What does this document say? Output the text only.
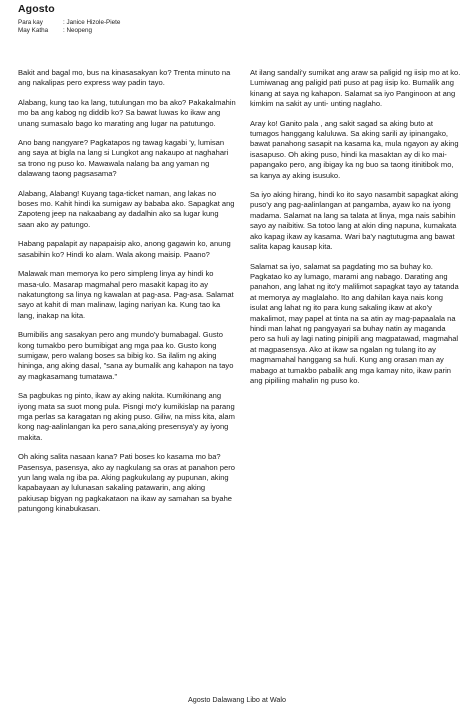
Agosto
Para kay	: Janice Hizole-Piete
May Katha	: Neopeng

Bakit and bagal mo, bus na kinasasakyan ko? Trenta minuto na ang nakalipas pero express way padin tayo.

Alabang, kung tao ka lang, tutulungan mo ba ako? Pakakalmahin mo ba ang kabog ng diddib ko? Sa bawat luwas ko ikaw ang unang sumasalo bago ko marating ang lugar na patutungo.

Ano bang nangyare? Pagkatapos ng tawag kagabi 'y, lumisan ang saya at bigla na lang si Lungkot ang nakaupo at naghahari sa trono ng puso ko. Mawawala nalang ba ang yaman ng dalawang taong pagsasama?

Alabang, Alabang! Kuyang taga-ticket naman, ang lakas no boses mo. Kahit hindi ka sumigaw ay bababa ako. Sapagkat ang Zapoteng jeep na nakaabang ay dadalhin ako sa lugar kung saan ako ay patungo.

Habang papalapit ay napapaisip ako, anong gagawin ko, anung sasabihin ko? Hindi ko alam. Wala akong maisip. Paano?

Malawak man memorya ko pero simpleng linya ay hindi ko masa-ulo. Masarap magmahal pero masakit kapag ito ay nakatungtong sa linya ng kawalan at pag-asa. Pag-asa. Salamat sayo at kahit di man malinaw, laging nariyan ka. Kung tao ka lang, inakap na kita.

Bumibilis ang sasakyan pero ang mundo'y bumabagal. Gusto kong tumakbo pero bumibigat ang mga paa ko. Gusto kong sumigaw, pero walang boses sa bibig ko. Sa ilalim ng aking hininga, ang aking dasal, "sana ay bumalik ang kahapon na tayo ay magkasamang tumatawa."

Sa pagbukas ng pinto, ikaw ay aking nakita. Kumikinang ang iyong mata sa suot mong pula. Pisngi mo'y kumikislap na parang mga perlas sa karagatan ng aking puso. Giliw, na miss kita, alam kong nag-aalinlangan ka pero sana,aking presensya'y ay iyong makita.

Oh aking salita nasaan kana? Pati boses ko kasama mo ba? Pasensya, pasensya, ako ay nagkulang sa oras at panahon pero yun lang wala ng iba pa. Aking pagkukulang ay pupunan, aking kapabayaan ay lulunasan sakaling patawarin, ang aking pakiusap bigyan ng pagkakataon na ikaw ay samahan sa byahe patungong kinabukasan.

At ilang sandali'y sumikat ang araw sa paligid ng iisip mo at ko. Lumiwanag ang paligid pati puso at pag iisip ko. Bumalik ang kinang at saya ng kahapon. Salamat sa iyo Panginoon at ang kimkim na sakit ay unti- unting naglaho.

Aray ko! Ganito pala , ang sakit sagad sa aking buto at tumagos hanggang kaluluwa. Sa aking sarili ay ipinangako, bawat panahong sasapit na kasama ka, mula ngayon ay aking isasapuso. Oh aking puso, hindi ka masaktan ay di ko mai-papangako pero, ang ibigay ka ng buo sa taong itinitibok mo, sa kanya ay aking isusuko.

Sa iyo aking hirang, hindi ko ito sayo nasambit sapagkat aking puso'y ang pag-aalinlangan at pangamba, ayaw ko na iyong madama. Salamat na lang sa talata at linya, mga nais sabihin sayo ay naibitiw. Sa totoo lang at akin ding napuna, kumakata ako kapag ikaw ay kasama. Wari ba'y nagtutugma ang bawat salita kapag kausap kita.

Salamat sa iyo, salamat sa pagdating mo sa buhay ko. Pagkatao ko ay lumago, marami ang nabago. Darating ang panahon, ang lahat ng ito'y malilimot sapagkat tayo ay tatanda at memorya ay maglalaho. Ito ang dahilan kaya nais kong isulat ang lahat ng ito para kung sakaling ikaw at ako'y makalimot, may papel at tinta na sa atin ay mag-papaalala na hindi man lahat ng pangyayari sa buhay natin ay maganda pero sa huli ay lagi nating pinipili ang magpatawad, magmahal at magpasensya. Ako at ikaw sa ngalan ng tulang ito ay magmamahal hanggang sa huli. Kung ang orasan man ay mabago at tumakbo pabalik ang mga kamay nito, ikaw parin ang pipiliing mahalin ng puso ko.

Agosto Dalawang Libo at Walo
